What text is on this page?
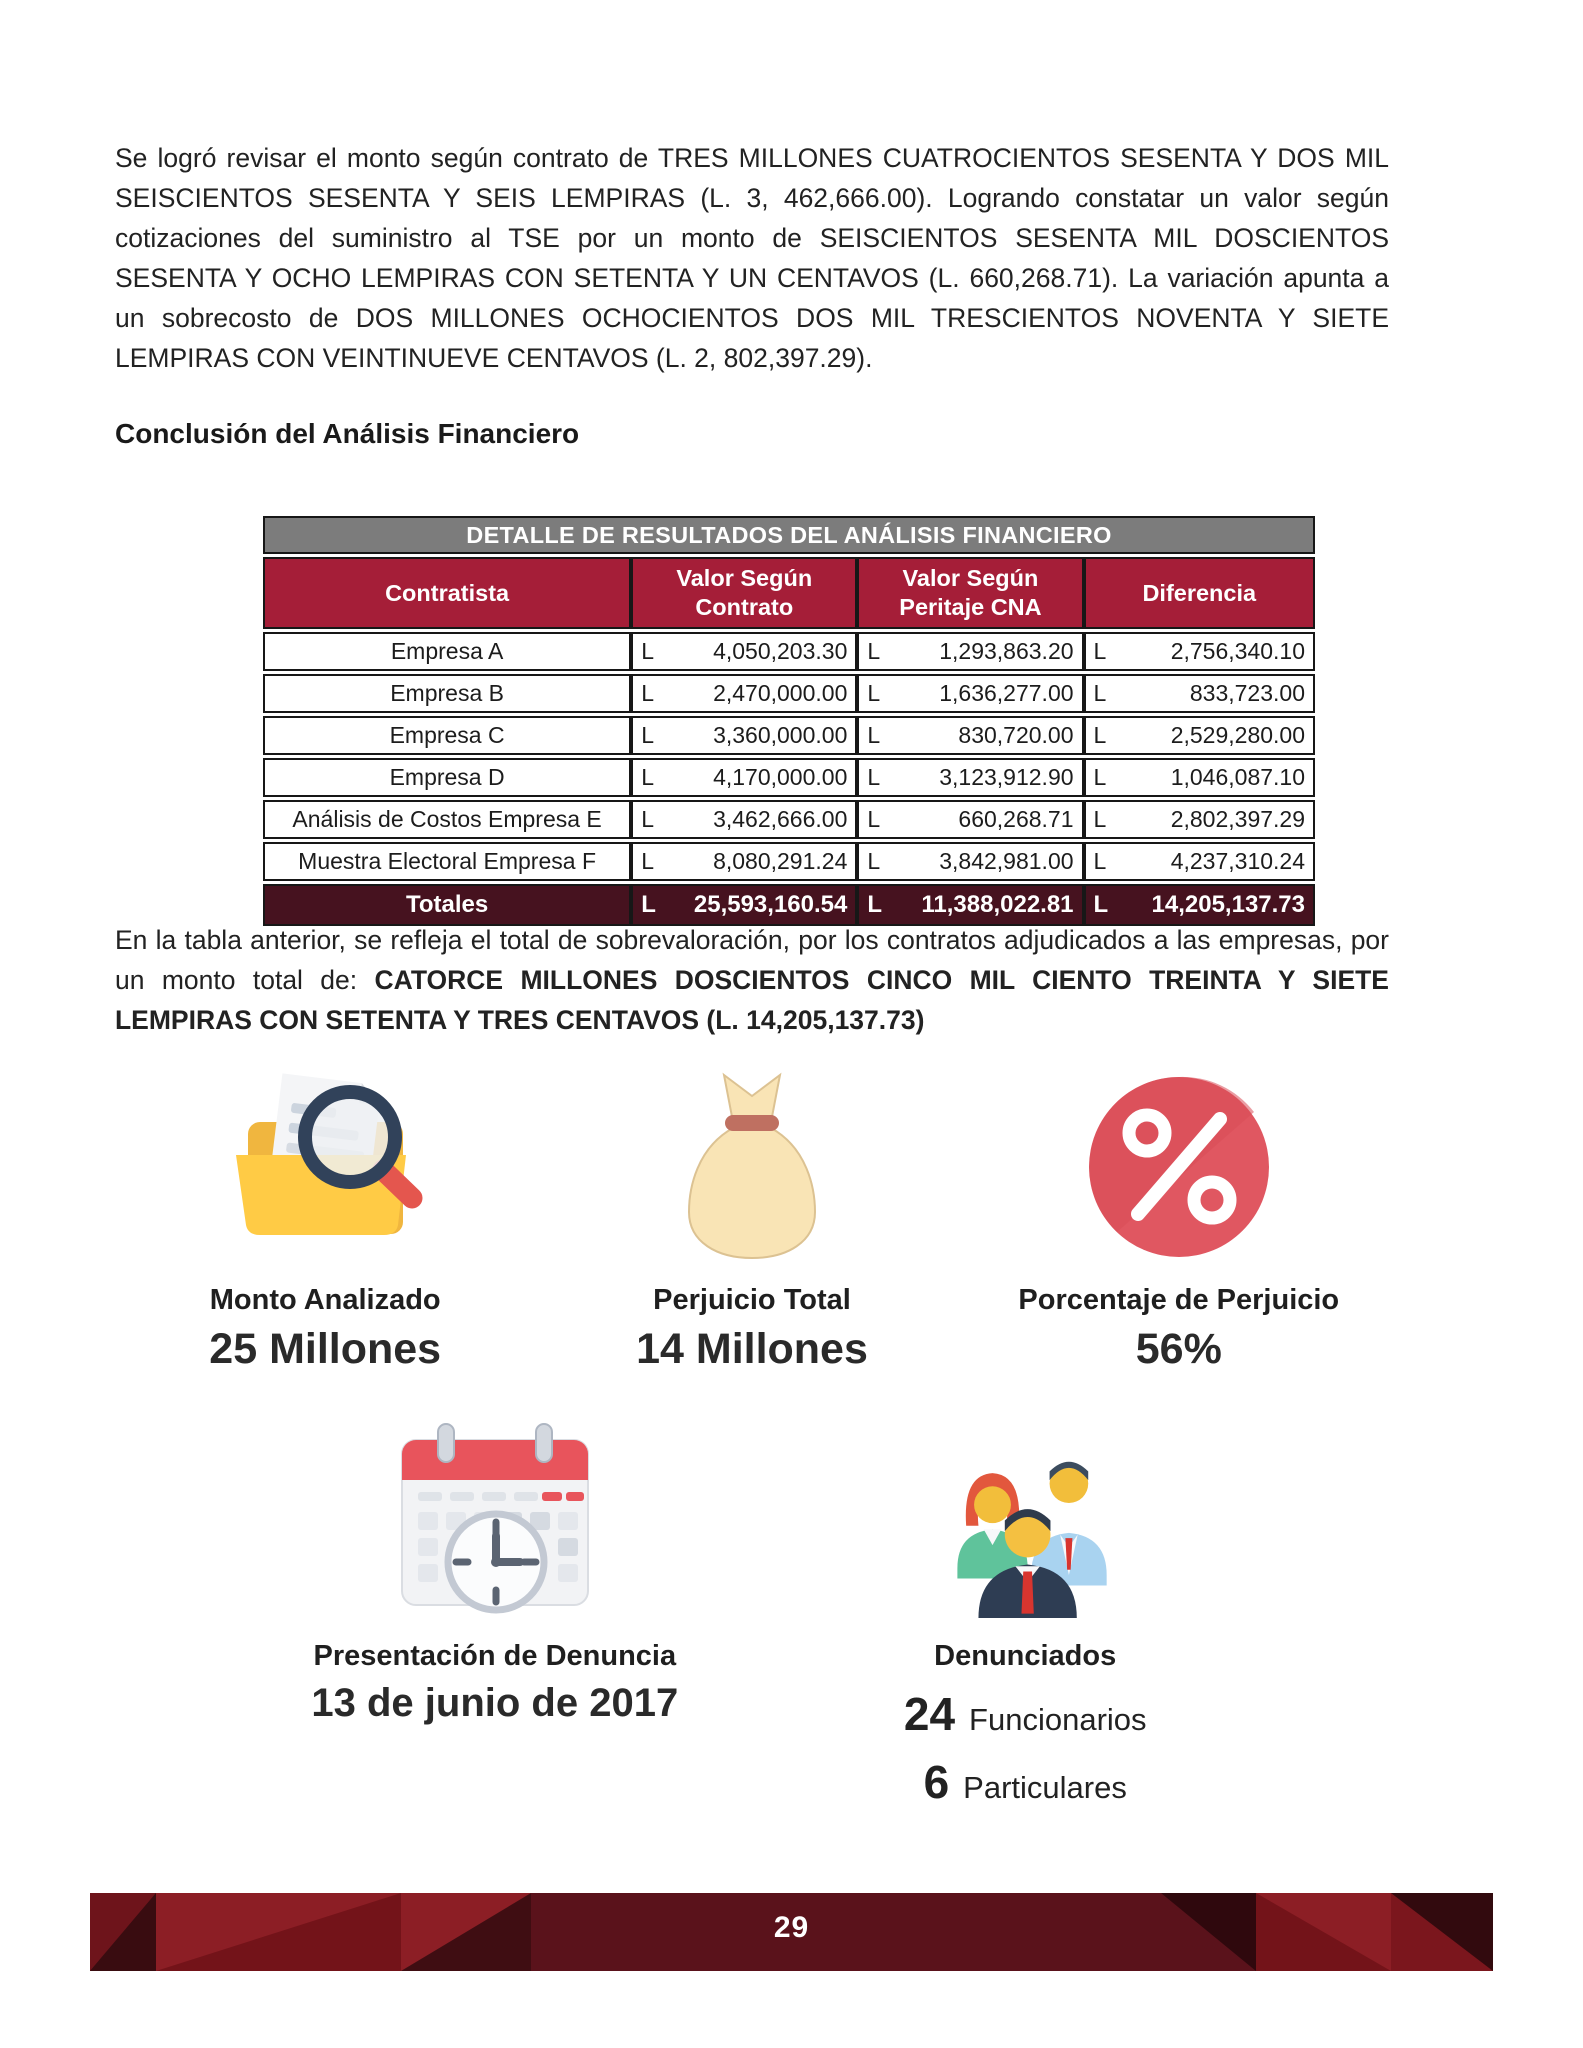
Se logró revisar el monto según contrato de TRES MILLONES CUATROCIENTOS SESENTA Y DOS MIL SEISCIENTOS SESENTA Y SEIS LEMPIRAS (L. 3, 462,666.00). Logrando constatar un valor según cotizaciones del suministro al TSE por un monto de SEISCIENTOS SESENTA MIL DOSCIENTOS SESENTA Y OCHO LEMPIRAS CON SETENTA Y UN CENTAVOS (L. 660,268.71). La variación apunta a un sobrecosto de DOS MILLONES OCHOCIENTOS DOS MIL TRESCIENTOS NOVENTA Y SIETE LEMPIRAS CON VEINTINUEVE CENTAVOS (L. 2, 802,397.29).

Conclusión del Análisis Financiero
DETALLE DE RESULTADOS DEL ANÁLISIS FINANCIERO			
Contratista	Valor Según Contrato	Valor Según Peritaje CNA	Diferencia
Empresa A	L 4,050,203.30	L 1,293,863.20	L 2,756,340.10

Empresa B	L 2,470,000.00	L 1,636,277.00	L 833,723.00

Empresa C	L 3,360,000.00	L 830,720.00	L 2,529,280.00

Empresa D	L 4,170,000.00	L 3,123,912.90	L 1,046,087.10

Análisis de Costos Empresa E	L 3,462,666.00	L 660,268.71	L 2,802,397.29

Muestra Electoral Empresa F	L 8,080,291.24	L 3,842,981.00	L 4,237,310.24

Totales	L 25,593,160.54	L 11,388,022.81	L 14,205,137.73

En la tabla anterior, se refleja el total de sobrevaloración, por los contratos adjudicados a las empresas, por un monto total de: CATORCE MILLONES DOSCIENTOS CINCO MIL CIENTO TREINTA Y SIETE LEMPIRAS CON SETENTA Y TRES CENTAVOS (L. 14,205,137.73)

Monto Analizado
25 Millones
Perjuicio Total
14 Millones
Porcentaje de Perjuicio
56%
Presentación de Denuncia
13 de junio de 2017
Denunciados
24 Funcionarios
6 Particulares
29
